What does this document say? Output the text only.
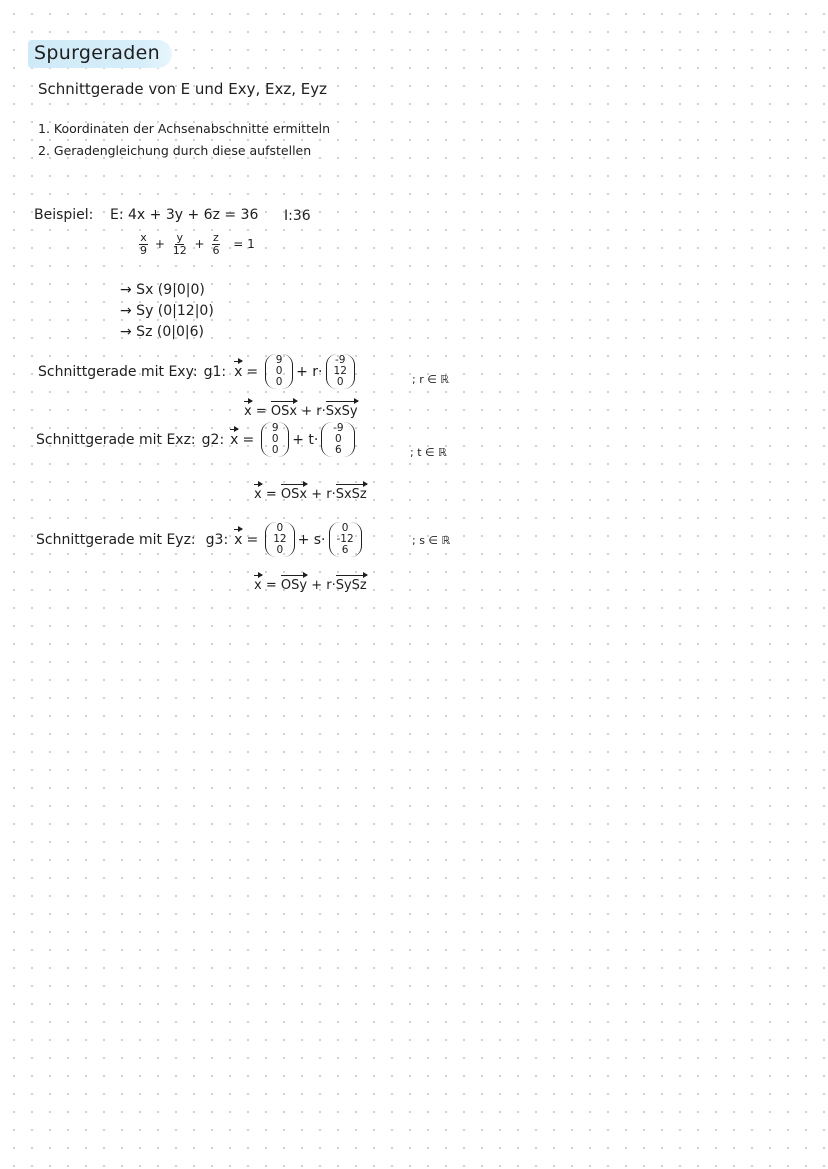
Spurgeraden
Schnittgerade von E und Exy, Exz, Eyz
1. Koordinaten der Achsenabschnitte ermitteln
2. Geradengleichung durch diese aufstellen
Beispiel: E: 4x + 3y + 6z = 36 I:36
$\frac{x}{9} + \frac{y}{12} + \frac{z}{6} = 1$
→ Sx (9|0|0)
→ Sy (0|12|0)
→ Sz (0|0|6)
Schnittgerade mit Exy: g1: x =
9
0
0
+ r·
-9
12
0	; r ∈ ℝ
x = OSx + r·SxSy
Schnittgerade mit Exz: g2: x =
9
0
0
+ t·
-9
0
6	; t ∈ ℝ
x = OSx + r·SxSz
Schnittgerade mit Eyz: g3: x =
0
12
0
+ s·
0
-12
6
; s ∈ ℝ
x = OSy + r·SySz
